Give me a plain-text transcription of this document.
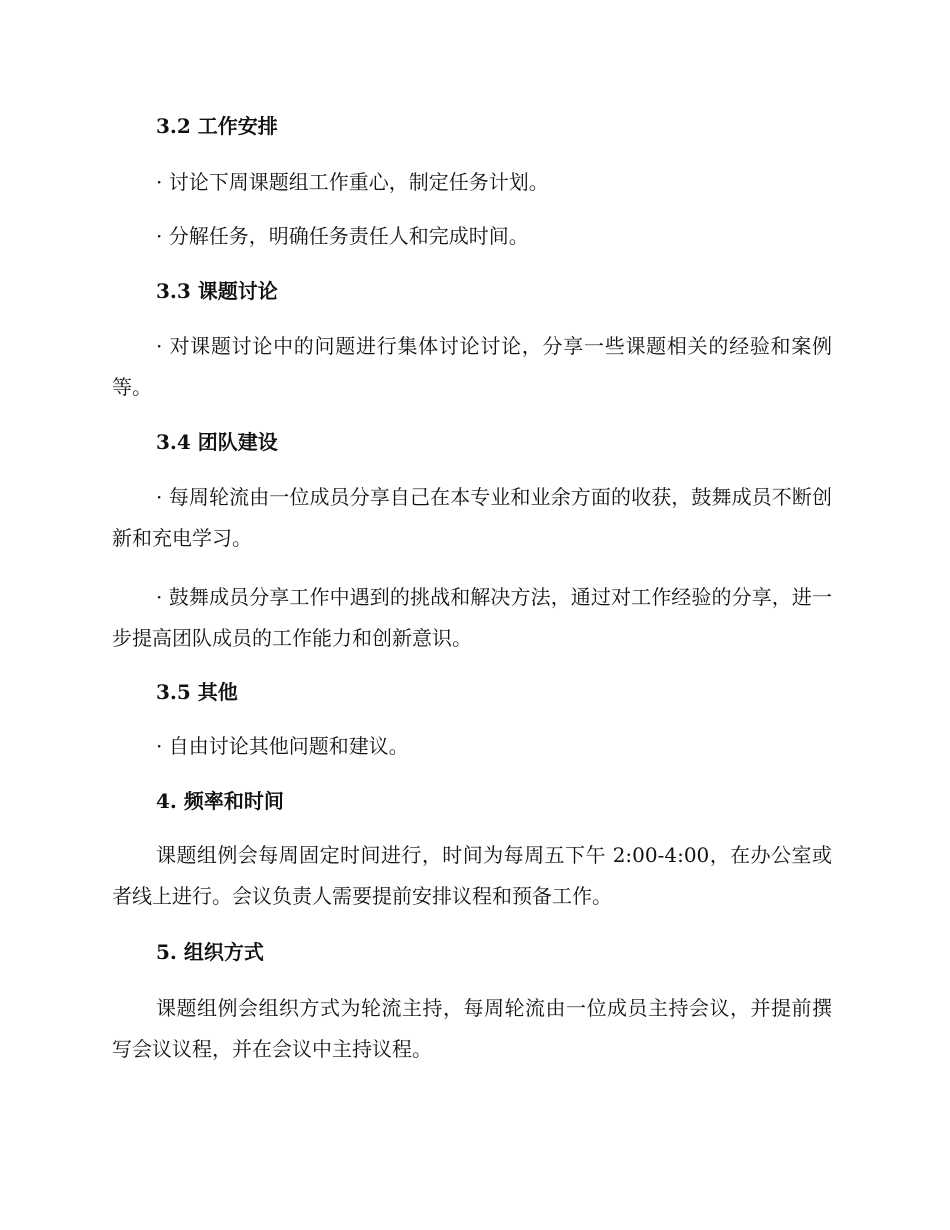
3.2 工作安排

· 讨论下周课题组工作重心，制定任务计划。

· 分解任务，明确任务责任人和完成时间。

3.3 课题讨论

· 对课题讨论中的问题进行集体讨论讨论，分享一些课题相关的经验和案例等。

3.4 团队建设

· 每周轮流由一位成员分享自己在本专业和业余方面的收获，鼓舞成员不断创新和充电学习。

· 鼓舞成员分享工作中遇到的挑战和解决方法，通过对工作经验的分享，进一步提高团队成员的工作能力和创新意识。

3.5 其他

· 自由讨论其他问题和建议。

4. 频率和时间

课题组例会每周固定时间进行，时间为每周五下午 2:00-4:00，在办公室或者线上进行。会议负责人需要提前安排议程和预备工作。

5. 组织方式

课题组例会组织方式为轮流主持，每周轮流由一位成员主持会议，并提前撰写会议议程，并在会议中主持议程。
